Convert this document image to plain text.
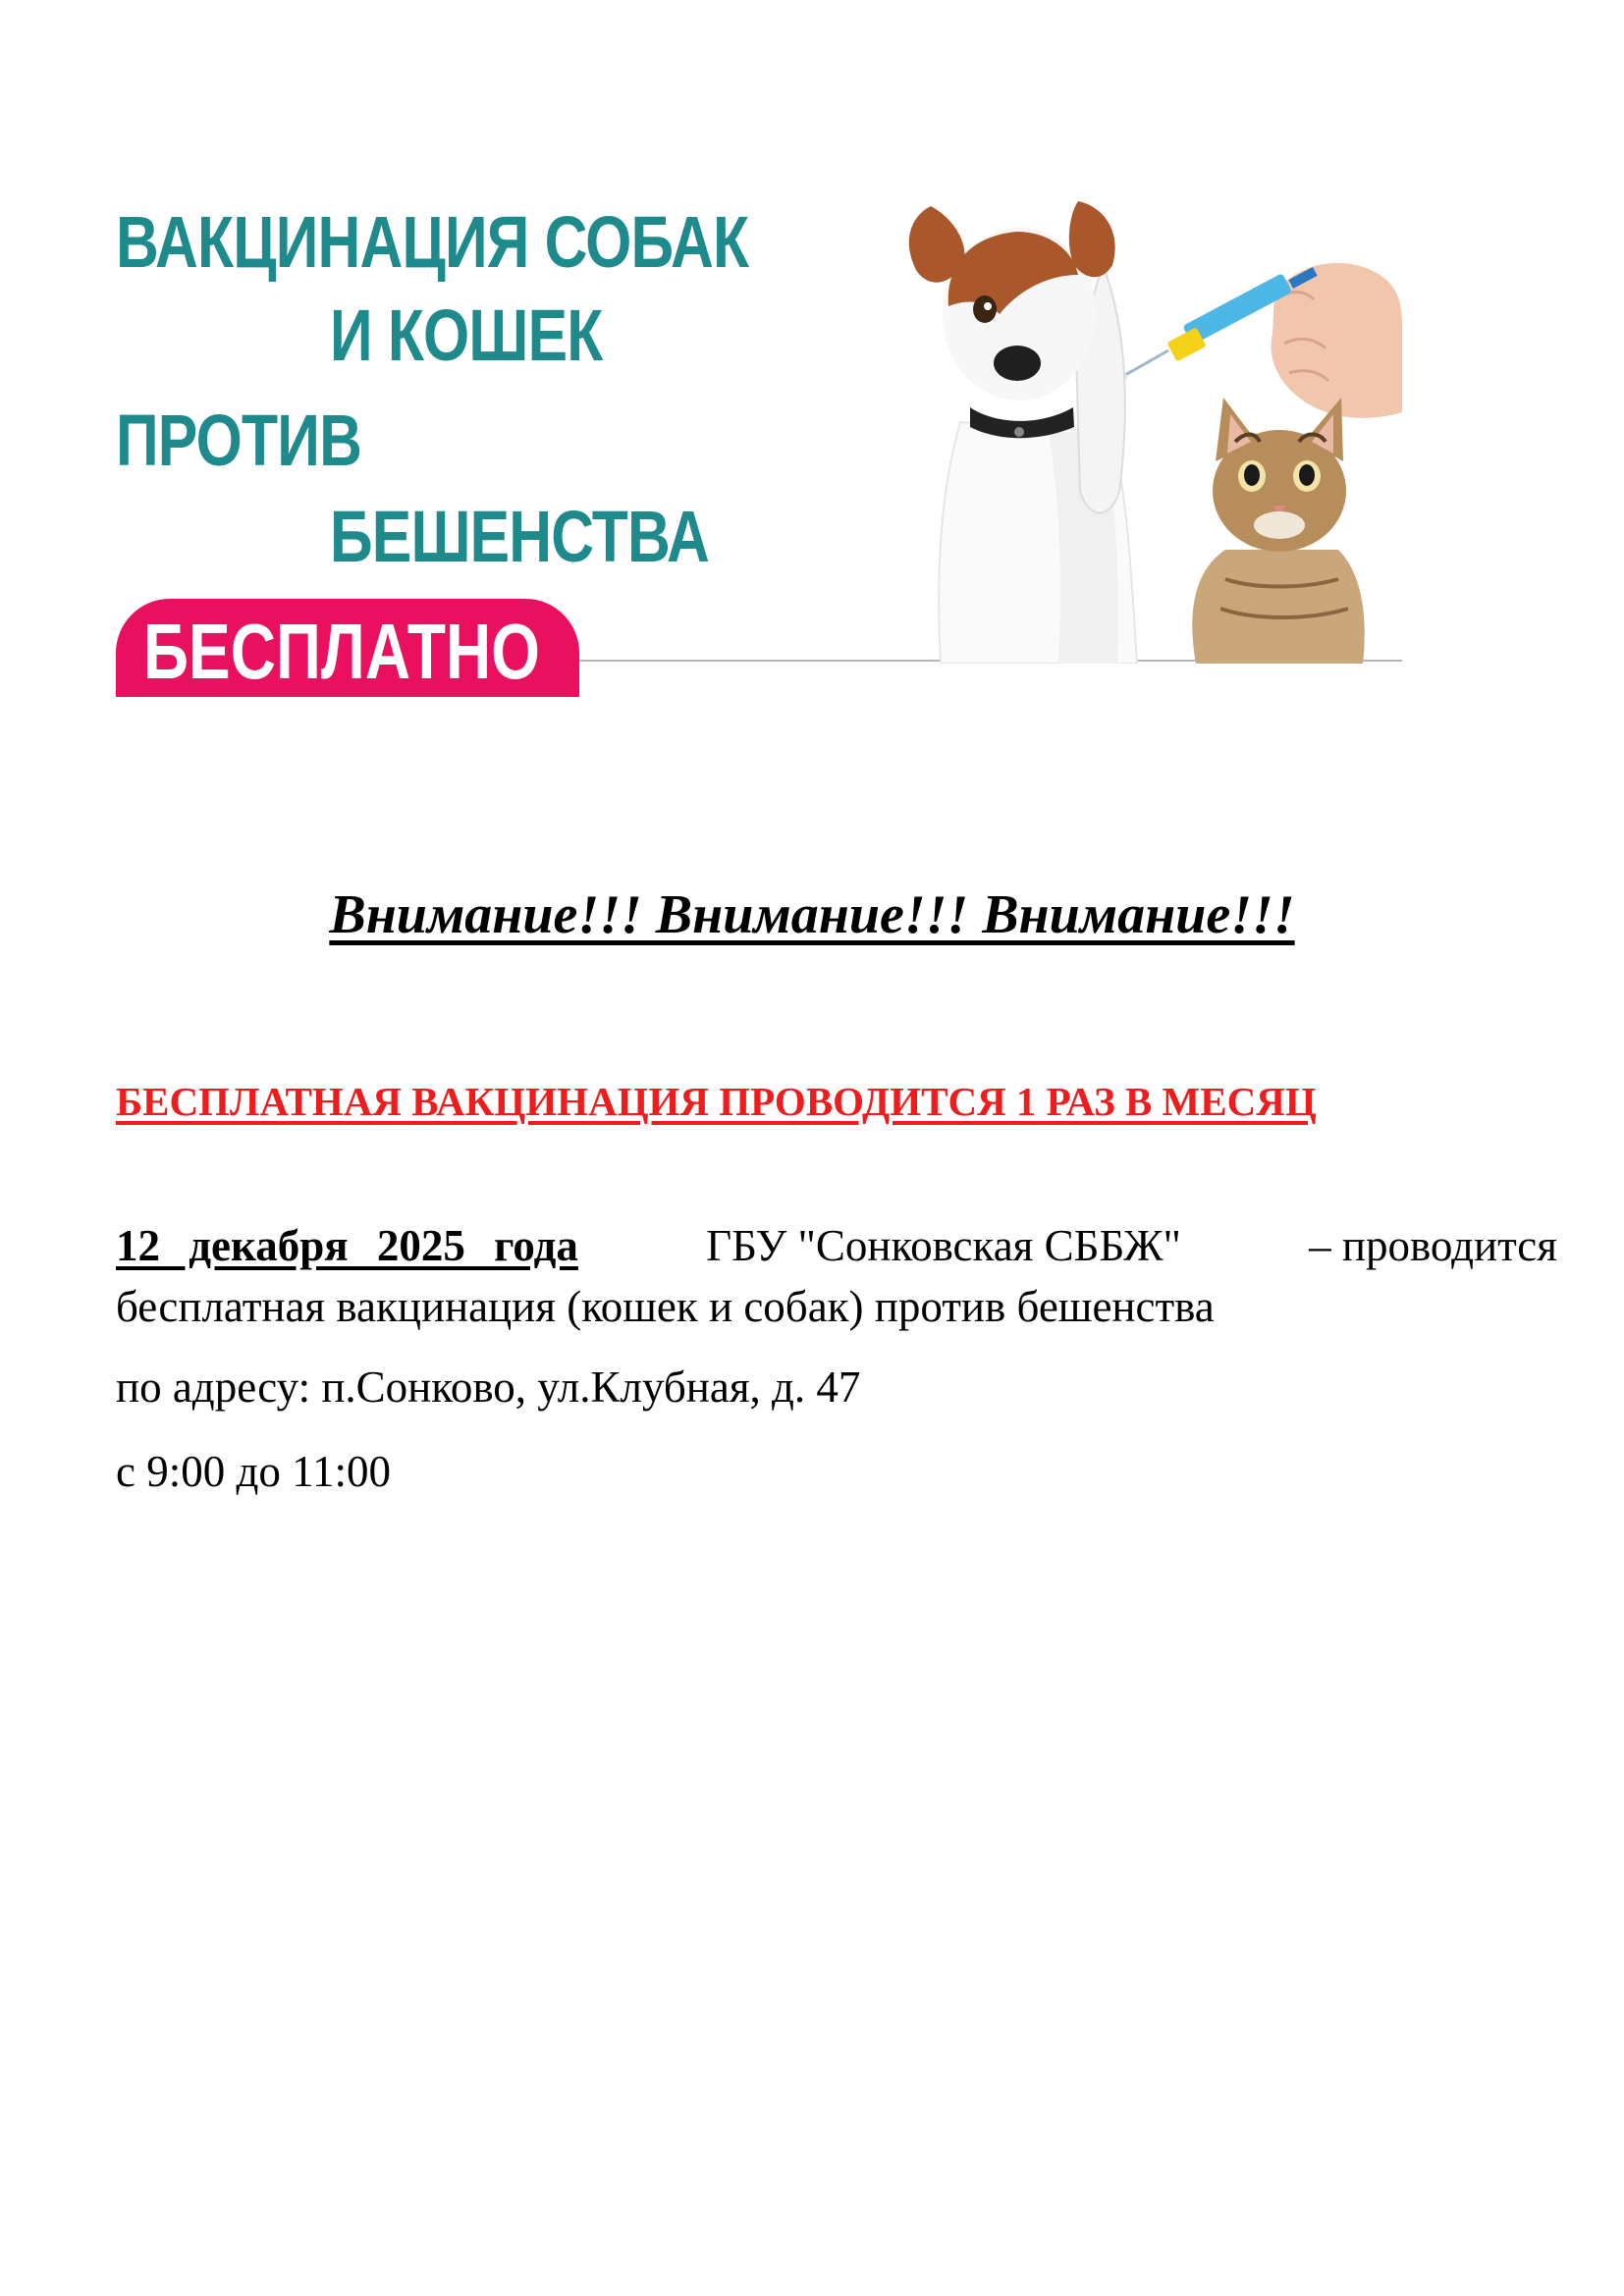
ВАКЦИНАЦИЯ СОБАК
И КОШЕК
ПРОТИВ
БЕШЕНСТВА
БЕСПЛАТНО
Внимание!!! Внимание!!! Внимание!!!
БЕСПЛАТНАЯ ВАКЦИНАЦИЯ ПРОВОДИТСЯ 1 РАЗ В МЕСЯЦ
12 декабря 2025 года	ГБУ "Сонковская СББЖ"	– проводится
бесплатная вакцинация (кошек и собак) против бешенства
по адресу: п.Сонково, ул.Клубная, д. 47
с 9:00 до 11:00
